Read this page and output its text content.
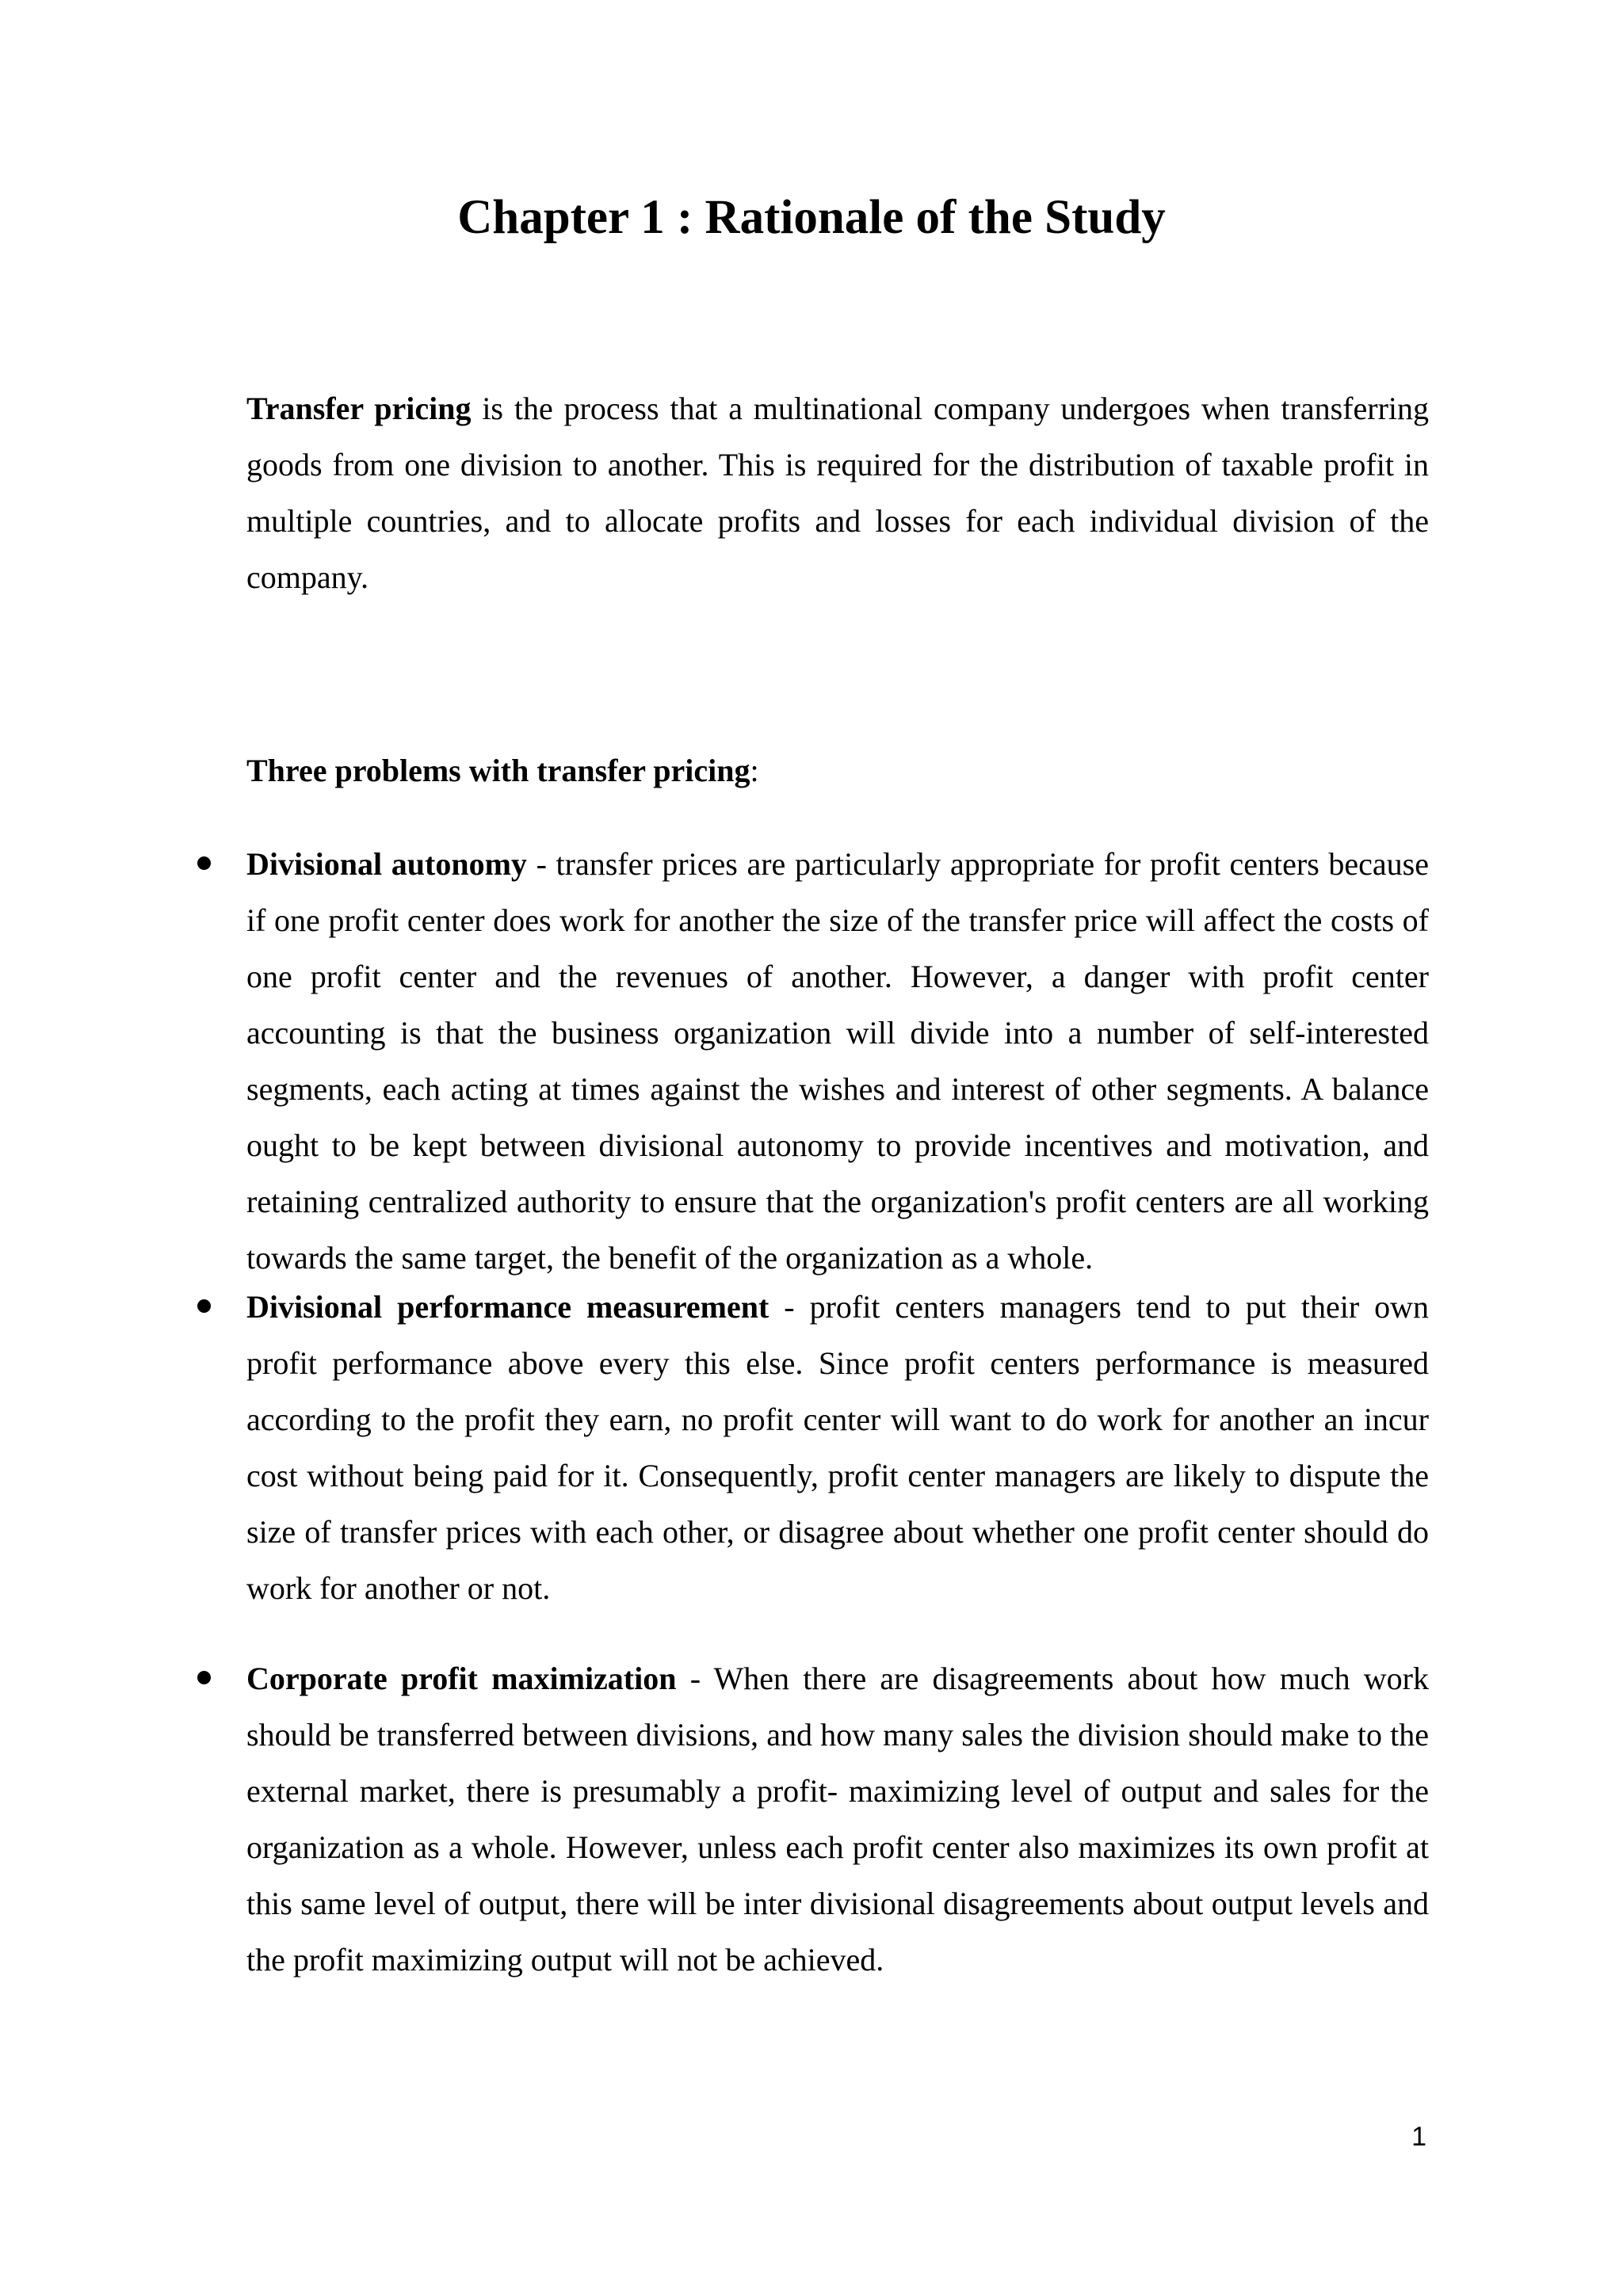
Chapter 1 : Rationale of the Study

Transfer pricing is the process that a multinational company undergoes when transferring goods from one division to another. This is required for the distribution of taxable profit in multiple countries, and to allocate profits and losses for each individual division of the company.

Three problems with transfer pricing:

Divisional autonomy - transfer prices are particularly appropriate for profit centers because if one profit center does work for another the size of the transfer price will affect the costs of one profit center and the revenues of another. However, a danger with profit center accounting is that the business organization will divide into a number of self-interested segments, each acting at times against the wishes and interest of other segments. A balance ought to be kept between divisional autonomy to provide incentives and motivation, and retaining centralized authority to ensure that the organization's profit centers are all working towards the same target, the benefit of the organization as a whole.
Divisional performance measurement - profit centers managers tend to put their own profit performance above every this else. Since profit centers performance is measured according to the profit they earn, no profit center will want to do work for another an incur cost without being paid for it. Consequently, profit center managers are likely to dispute the size of transfer prices with each other, or disagree about whether one profit center should do work for another or not.
Corporate profit maximization - When there are disagreements about how much work should be transferred between divisions, and how many sales the division should make to the external market, there is presumably a profit- maximizing level of output and sales for the organization as a whole. However, unless each profit center also maximizes its own profit at this same level of output, there will be inter divisional disagreements about output levels and the profit maximizing output will not be achieved.
1
